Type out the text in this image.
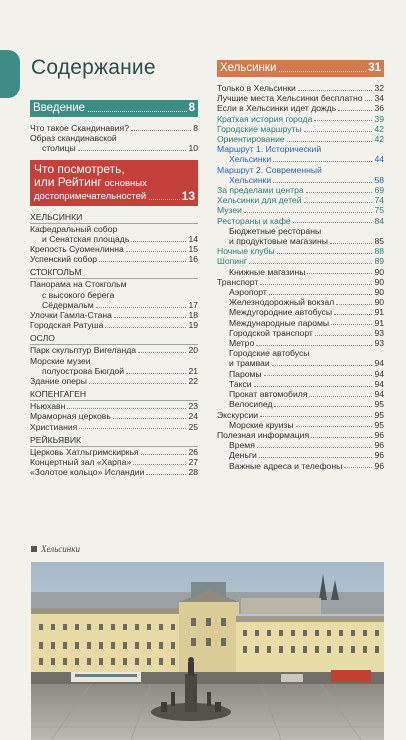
Содержание
Введение	8
Что такое Скандинавия?	8
Образ скандинавской
столицы	10
Что посмотреть,
или Рейтинг основных
достопримечательностей	13
ХЕЛЬСИНКИ
Кафедральный собор
и Сенатская площадь	14
Крепость Суоменлинна	15
Успенский собор	16
СТОКГОЛЬМ
Панорама на Стокгольм
с высокого берега
Сёдермальм	17
Улочки Гамла-Стана	18
Городская Ратуша	19
ОСЛО
Парк скульптур Вигеланда	20
Морские музеи
полуострова Бюгдой	21
Здание оперы	22
КОПЕНГАГЕН
Ньюхавн	23
Мраморная церковь	24
Христиания	25
РЕЙКЬЯВИК
Церковь Хатльгримскиркья	26
Концертный зал «Харпа»	27
«Золотое кольцо» Исландии	28
Хельсинки	31
Только в Хельсинки	32
Лучшие места Хельсинки бесплатно 34
Если в Хельсинки идет дождь	36
Краткая история города	39
Городские маршруты	42
Ориентирование	42
Маршрут 1. Исторический
Хельсинки	44
Маршрут 2. Современный
Хельсинки	58
За пределами центра	69
Хельсинки для детей	74
Музеи	75
Рестораны и кафе	84
Бюджетные рестораны
и продуктовые магазины	85
Ночные клубы	88
Шопинг	89
Книжные магазины	90
Транспорт	90
Аэропорт	90
Железнодорожный вокзал	90
Междугородние автобусы	91
Международные паромы	91
Городской транспорт	93
Метро	93
Городские автобусы
и трамваи	94
Паромы	94
Такси	94
Прокат автомобиля	94
Велосипед	95
Экскурсии	95
Морские круизы	95
Полезная информация	96
Время	96
Деньги	96
Важные адреса и телефоны	96
Хельсинки
